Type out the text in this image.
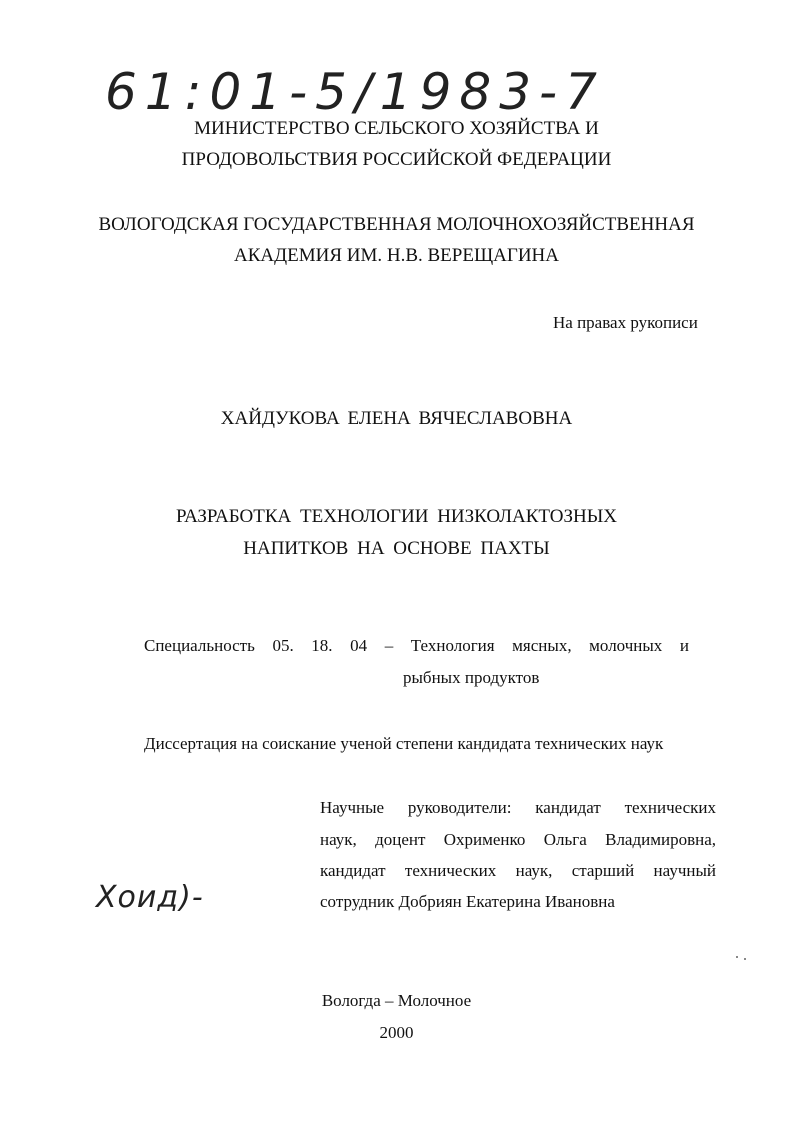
61:01-5/1983-7
МИНИСТЕРСТВО СЕЛЬСКОГО ХОЗЯЙСТВА И
ПРОДОВОЛЬСТВИЯ РОССИЙСКОЙ ФЕДЕРАЦИИ
ВОЛОГОДСКАЯ ГОСУДАРСТВЕННАЯ МОЛОЧНОХОЗЯЙСТВЕННАЯ
АКАДЕМИЯ ИМ. Н.В. ВЕРЕЩАГИНА
На правах рукописи
ХАЙДУКОВА ЕЛЕНА ВЯЧЕСЛАВОВНА
РАЗРАБОТКА ТЕХНОЛОГИИ НИЗКОЛАКТОЗНЫХ
НАПИТКОВ НА ОСНОВЕ ПАХТЫ
Специальность 05. 18. 04 – Технология мясных, молочных и
рыбных продуктов
Диссертация на соискание ученой степени кандидата технических наук
Научные руководители: кандидат технических
наук, доцент Охрименко Ольга Владимировна,
кандидат технических наук, старший научный
сотрудник Добриян Екатерина Ивановна
Хоид)-
Вологда – Молочное
2000
